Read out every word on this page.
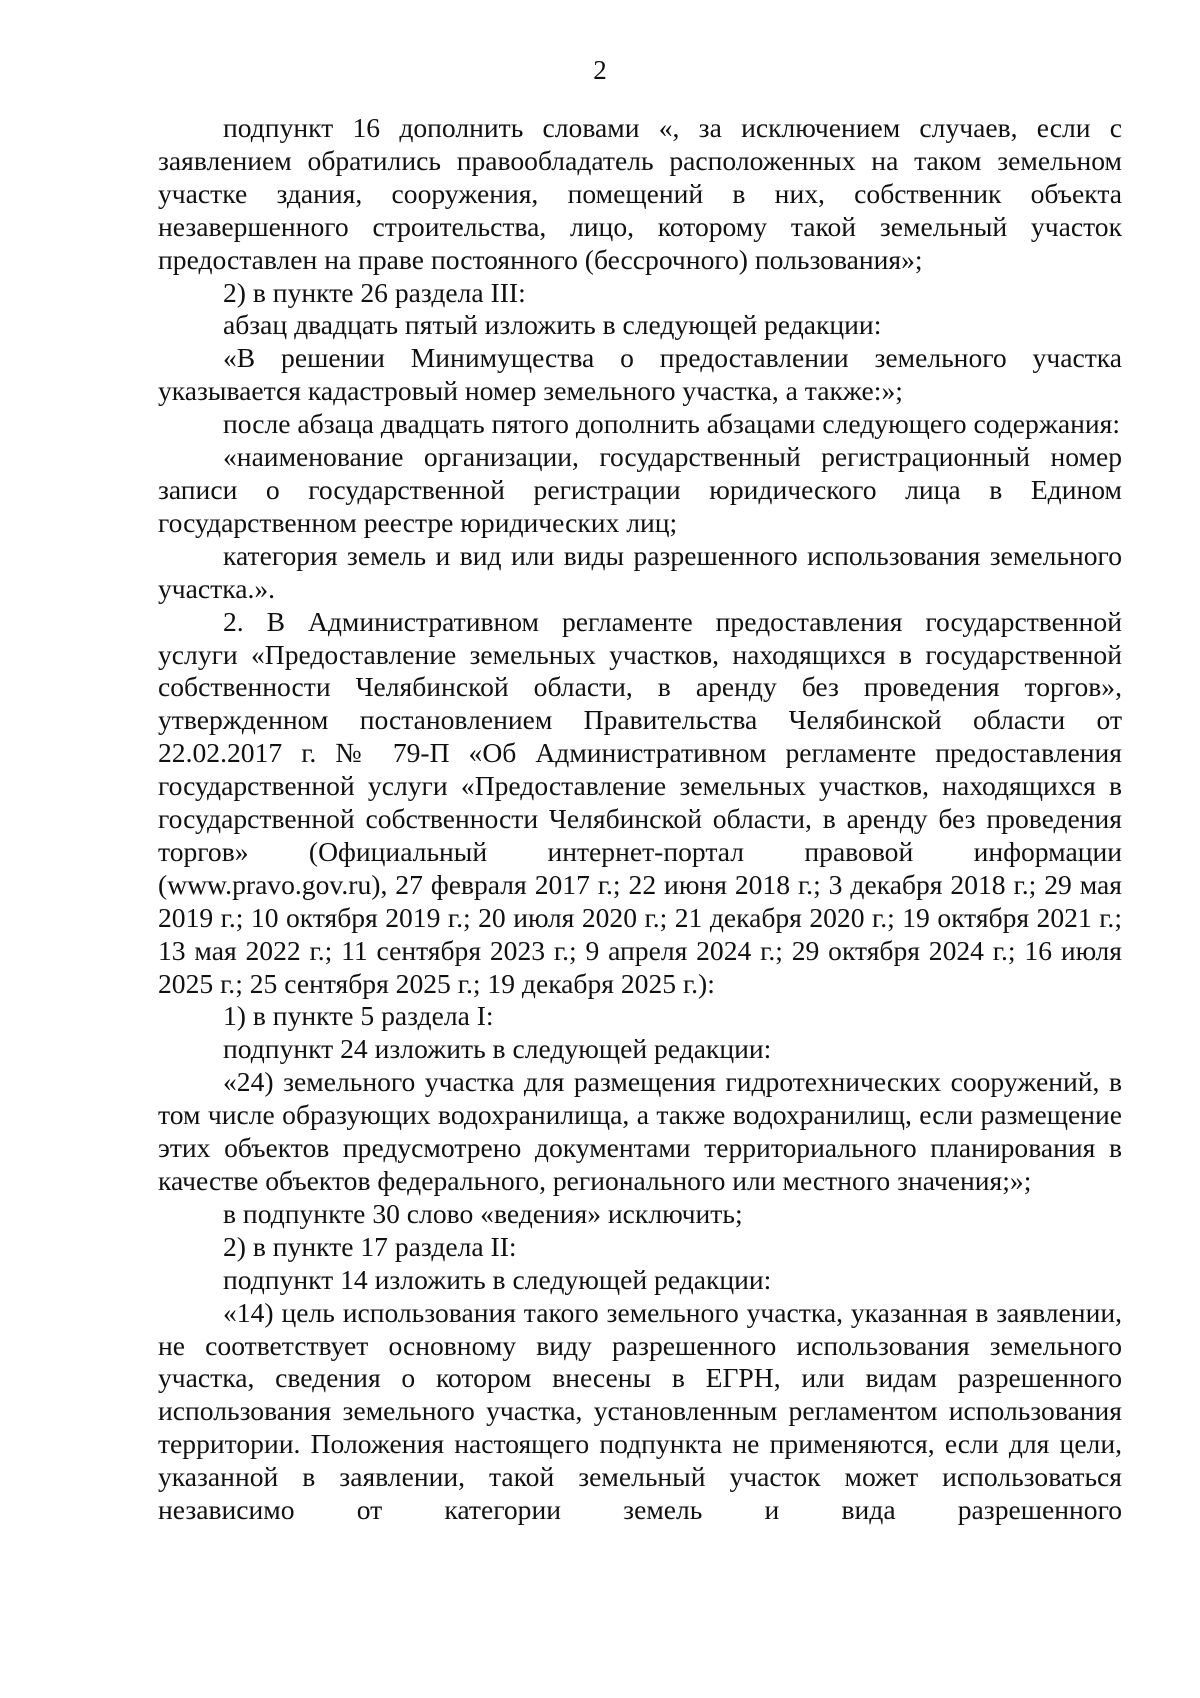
2

подпункт 16 дополнить словами «, за исключением случаев, если с заявлением обратились правообладатель расположенных на таком земельном участке здания, сооружения, помещений в них, собственник объекта незавершенного строительства, лицо, которому такой земельный участок предоставлен на праве постоянного (бессрочного) пользования»;

2) в пункте 26 раздела III:

абзац двадцать пятый изложить в следующей редакции:

«В решении Минимущества о предоставлении земельного участка указывается кадастровый номер земельного участка, а также:»;

после абзаца двадцать пятого дополнить абзацами следующего содержания:

«наименование организации, государственный регистрационный номер записи о государственной регистрации юридического лица в Едином государственном реестре юридических лиц;

категория земель и вид или виды разрешенного использования земельного участка.».

2. В Административном регламенте предоставления государственной услуги «Предоставление земельных участков, находящихся в государственной собственности Челябинской области, в аренду без проведения торгов», утвержденном постановлением Правительства Челябинской области от 22.02.2017 г. № 79-П «Об Административном регламенте предоставления государственной услуги «Предоставление земельных участков, находящихся в государственной собственности Челябинской области, в аренду без проведения торгов» (Официальный интернет-портал правовой информации (www.pravo.gov.ru), 27 февраля 2017 г.; 22 июня 2018 г.; 3 декабря 2018 г.; 29 мая 2019 г.; 10 октября 2019 г.; 20 июля 2020 г.; 21 декабря 2020 г.; 19 октября 2021 г.; 13 мая 2022 г.; 11 сентября 2023 г.; 9 апреля 2024 г.; 29 октября 2024 г.; 16 июля 2025 г.; 25 сентября 2025 г.; 19 декабря 2025 г.):

1) в пункте 5 раздела I:

подпункт 24 изложить в следующей редакции:

«24) земельного участка для размещения гидротехнических сооружений, в том числе образующих водохранилища, а также водохранилищ, если размещение этих объектов предусмотрено документами территориального планирования в качестве объектов федерального, регионального или местного значения;»;

в подпункте 30 слово «ведения» исключить;

2) в пункте 17 раздела II:

подпункт 14 изложить в следующей редакции:

«14) цель использования такого земельного участка, указанная в заявлении, не соответствует основному виду разрешенного использования земельного участка, сведения о котором внесены в ЕГРН, или видам разрешенного использования земельного участка, установленным регламентом использования территории. Положения настоящего подпункта не применяются, если для цели, указанной в заявлении, такой земельный участок может использоваться независимо от категории земель и вида разрешенного
